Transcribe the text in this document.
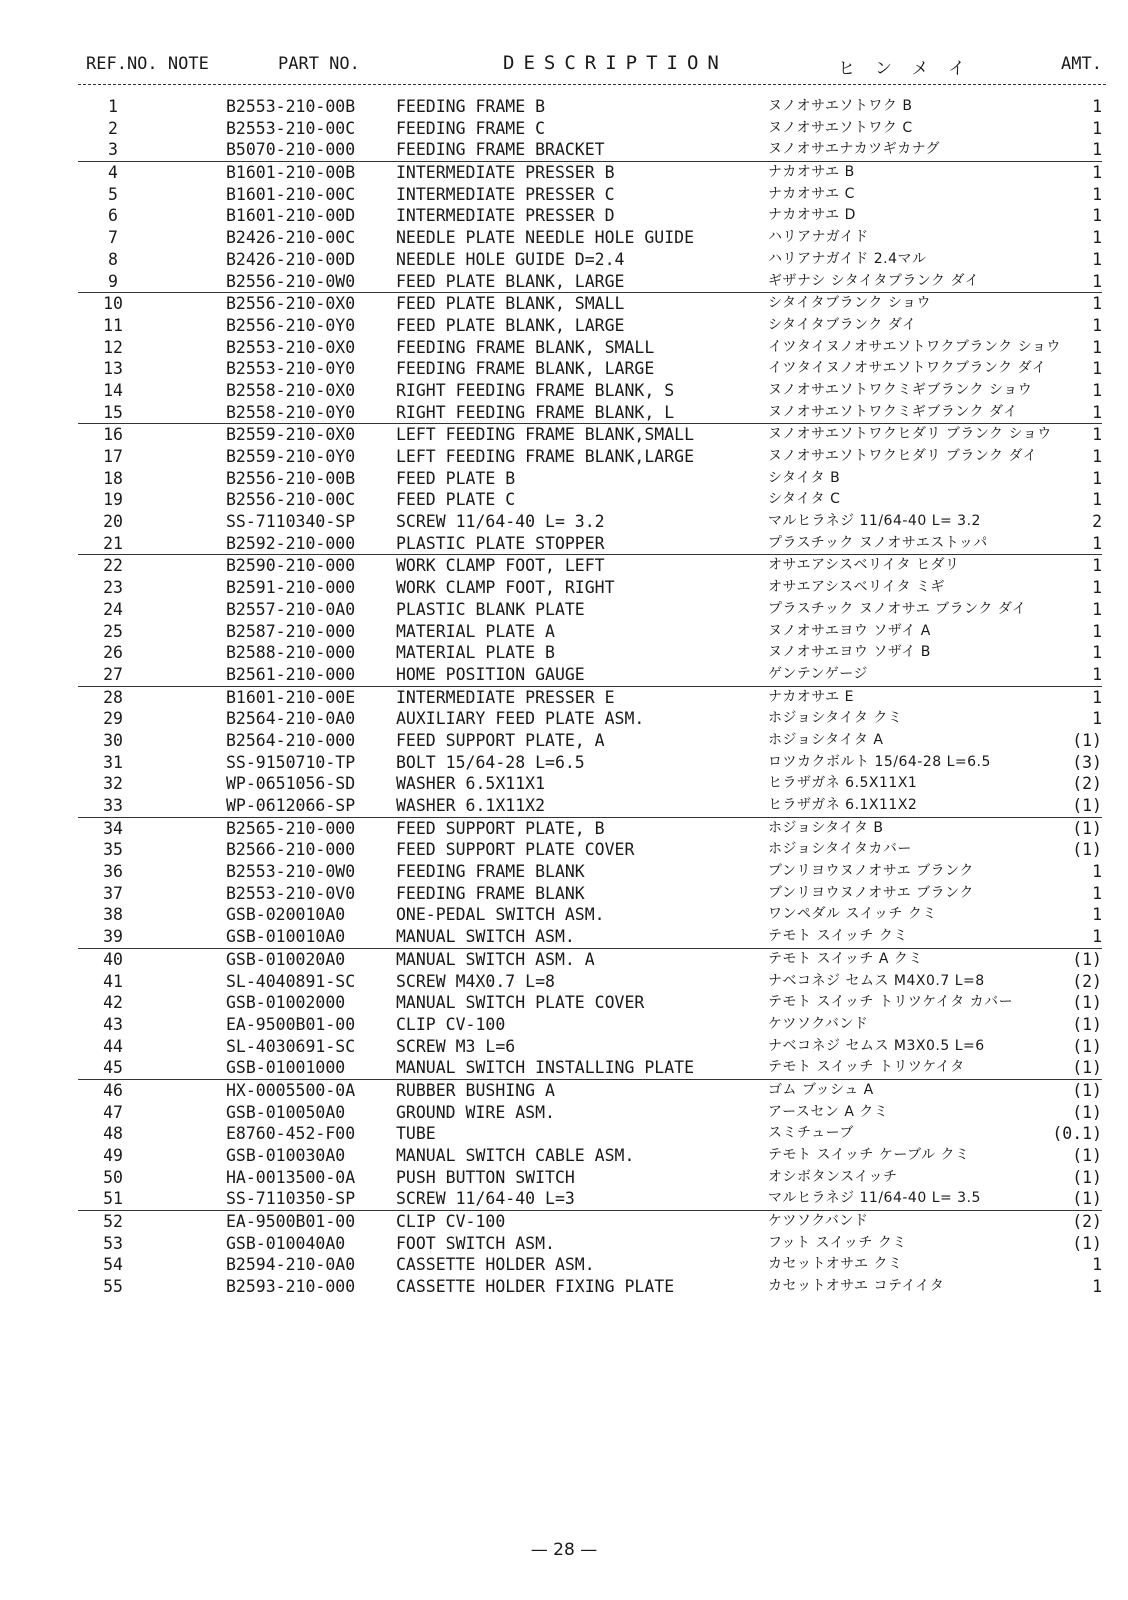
REF.NO. NOTE	PART NO.	DESCRIPTION	ヒンメイ	AMT.
1	B2553-210-00B FEEDING FRAME B	ヌノオサエソトワク B	1
2	B2553-210-00C FEEDING FRAME C	ヌノオサエソトワク C	1
3	B5070-210-000 FEEDING FRAME BRACKET	ヌノオサエナカツギカナグ	1
4	B1601-210-00B INTERMEDIATE PRESSER B	ナカオサエ B	1
5	B1601-210-00C INTERMEDIATE PRESSER C	ナカオサエ C	1
6	B1601-210-00D INTERMEDIATE PRESSER D	ナカオサエ D	1
7	B2426-210-00C NEEDLE PLATE NEEDLE HOLE GUIDE	ハリアナガイド	1
8	B2426-210-00D NEEDLE HOLE GUIDE D=2.4	ハリアナガイド 2.4マル	1
9	B2556-210-0W0 FEED PLATE BLANK, LARGE	ギザナシ シタイタブランク ダイ	1
10	B2556-210-0X0 FEED PLATE BLANK, SMALL	シタイタブランク ショウ	1
11	B2556-210-0Y0 FEED PLATE BLANK, LARGE	シタイタブランク ダイ	1
12	B2553-210-0X0 FEEDING FRAME BLANK, SMALL	イツタイヌノオサエソトワクブランク ショウ	1
13	B2553-210-0Y0 FEEDING FRAME BLANK, LARGE	イツタイヌノオサエソトワクブランク ダイ	1
14	B2558-210-0X0 RIGHT FEEDING FRAME BLANK, S	ヌノオサエソトワクミギブランク ショウ	1
15	B2558-210-0Y0 RIGHT FEEDING FRAME BLANK, L	ヌノオサエソトワクミギブランク ダイ	1
16	B2559-210-0X0 LEFT FEEDING FRAME BLANK,SMALL	ヌノオサエソトワクヒダリ ブランク ショウ	1
17	B2559-210-0Y0 LEFT FEEDING FRAME BLANK,LARGE	ヌノオサエソトワクヒダリ ブランク ダイ	1
18	B2556-210-00B FEED PLATE B	シタイタ B	1
19	B2556-210-00C FEED PLATE C	シタイタ C	1
20	SS-7110340-SP SCREW 11/64-40 L= 3.2	マルヒラネジ 11/64-40 L= 3.2	2
21	B2592-210-000 PLASTIC PLATE STOPPER	プラスチック ヌノオサエストッパ	1
22	B2590-210-000 WORK CLAMP FOOT, LEFT	オサエアシスベリイタ ヒダリ	1
23	B2591-210-000 WORK CLAMP FOOT, RIGHT	オサエアシスベリイタ ミギ	1
24	B2557-210-0A0 PLASTIC BLANK PLATE	プラスチック ヌノオサエ ブランク ダイ	1
25	B2587-210-000 MATERIAL PLATE A	ヌノオサエヨウ ソザイ A	1
26	B2588-210-000 MATERIAL PLATE B	ヌノオサエヨウ ソザイ B	1
27	B2561-210-000 HOME POSITION GAUGE	ゲンテンゲージ	1
28	B1601-210-00E INTERMEDIATE PRESSER E	ナカオサエ E	1
29	B2564-210-0A0 AUXILIARY FEED PLATE ASM.	ホジョシタイタ クミ	1
30	B2564-210-000 FEED SUPPORT PLATE, A	ホジョシタイタ A	(1)
31	SS-9150710-TP BOLT 15/64-28 L=6.5	ロツカクボルト 15/64-28 L=6.5	(3)
32	WP-0651056-SD WASHER 6.5X11X1	ヒラザガネ 6.5X11X1	(2)
33	WP-0612066-SP WASHER 6.1X11X2	ヒラザガネ 6.1X11X2	(1)
34	B2565-210-000 FEED SUPPORT PLATE, B	ホジョシタイタ B	(1)
35	B2566-210-000 FEED SUPPORT PLATE COVER	ホジョシタイタカバー	(1)
36	B2553-210-0W0 FEEDING FRAME BLANK	ブンリヨウヌノオサエ ブランク	1
37	B2553-210-0V0 FEEDING FRAME BLANK	ブンリヨウヌノオサエ ブランク	1
38	GSB-020010A0	ONE-PEDAL SWITCH ASM.	ワンペダル スイッチ クミ	1
39	GSB-010010A0	MANUAL SWITCH ASM.	テモト スイッチ クミ	1
40	GSB-010020A0	MANUAL SWITCH ASM. A	テモト スイッチ A クミ	(1)
41	SL-4040891-SC SCREW M4X0.7 L=8	ナベコネジ セムス M4X0.7 L=8	(2)
42	GSB-01002000	MANUAL SWITCH PLATE COVER	テモト スイッチ トリツケイタ カバー	(1)
43	EA-9500B01-00 CLIP CV-100	ケツソクバンド	(1)
44	SL-4030691-SC SCREW M3 L=6	ナベコネジ セムス M3X0.5 L=6	(1)
45	GSB-01001000	MANUAL SWITCH INSTALLING PLATE	テモト スイッチ トリツケイタ	(1)
46	HX-0005500-0A RUBBER BUSHING A	ゴム ブッシュ A	(1)
47	GSB-010050A0	GROUND WIRE ASM.	アースセン A クミ	(1)
48	E8760-452-F00 TUBE	スミチューブ	(0.1)
49	GSB-010030A0	MANUAL SWITCH CABLE ASM.	テモト スイッチ ケーブル クミ	(1)
50	HA-0013500-0A PUSH BUTTON SWITCH	オシボタンスイッチ	(1)
51	SS-7110350-SP SCREW 11/64-40 L=3	マルヒラネジ 11/64-40 L= 3.5	(1)
52	EA-9500B01-00 CLIP CV-100	ケツソクバンド	(2)
53	GSB-010040A0	FOOT SWITCH ASM.	フット スイッチ クミ	(1)
54	B2594-210-0A0 CASSETTE HOLDER ASM.	カセットオサエ クミ	1
55	B2593-210-000 CASSETTE HOLDER FIXING PLATE	カセットオサエ コテイイタ	1
— 28 —
